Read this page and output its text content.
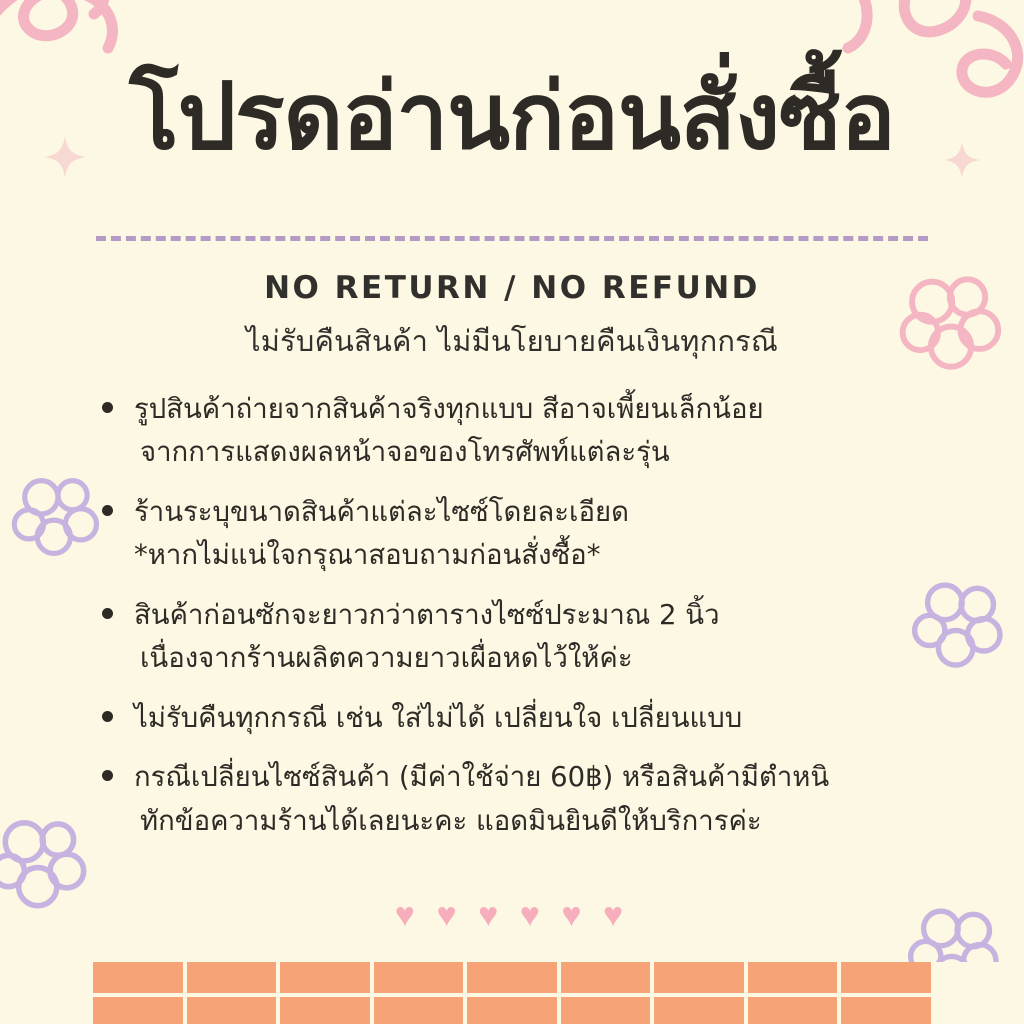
โปรดอ่านก่อนสั่งซื้อ
NO RETURN / NO REFUND
ไม่รับคืนสินค้า ไม่มีนโยบายคืนเงินทุกกรณี
รูปสินค้าถ่ายจากสินค้าจริงทุกแบบ สีอาจเพี้ยนเล็กน้อย
จากการแสดงผลหน้าจอของโทรศัพท์แต่ละรุ่น
ร้านระบุขนาดสินค้าแต่ละไซซ์โดยละเอียด
*หากไม่แน่ใจกรุณาสอบถามก่อนสั่งซื้อ*
สินค้าก่อนซักจะยาวกว่าตารางไซซ์ประมาณ 2 นิ้ว
เนื่องจากร้านผลิตความยาวเผื่อหดไว้ให้ค่ะ
ไม่รับคืนทุกกรณี เช่น ใส่ไม่ได้ เปลี่ยนใจ เปลี่ยนแบบ
กรณีเปลี่ยนไซซ์สินค้า (มีค่าใช้จ่าย 60฿) หรือสินค้ามีตำหนิ
ทักข้อความร้านได้เลยนะคะ แอดมินยินดีให้บริการค่ะ
♥ ♥ ♥ ♥ ♥ ♥
